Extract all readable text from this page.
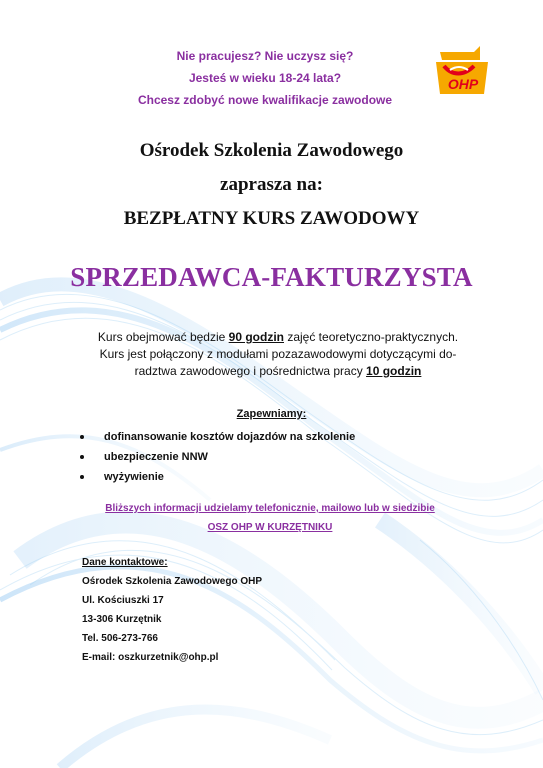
Nie pracujesz? Nie uczysz się?
Jesteś w wieku 18-24 lata?
Chcesz zdobyć nowe kwalifikacje zawodowe
OHP
Ośrodek Szkolenia Zawodowego
zaprasza na:
BEZPŁATNY KURS ZAWODOWY
SPRZEDAWCA-FAKTURZYSTA
Kurs obejmować będzie 90 godzin zajęć teoretyczno-praktycznych.
Kurs jest połączony z modułami pozazawodowymi dotyczącymi do-
radztwa zawodowego i pośrednictwa pracy 10 godzin
Zapewniamy:
dofinansowanie kosztów dojazdów na szkolenie
ubezpieczenie NNW
wyżywienie
Bliższych informacji udzielamy telefonicznie, mailowo lub w siedzibie
OSZ OHP W KURZĘTNIKU
Dane kontaktowe:
Ośrodek Szkolenia Zawodowego OHP
Ul. Kościuszki 17
13-306 Kurzętnik
Tel. 506-273-766
E-mail: oszkurzetnik@ohp.pl
